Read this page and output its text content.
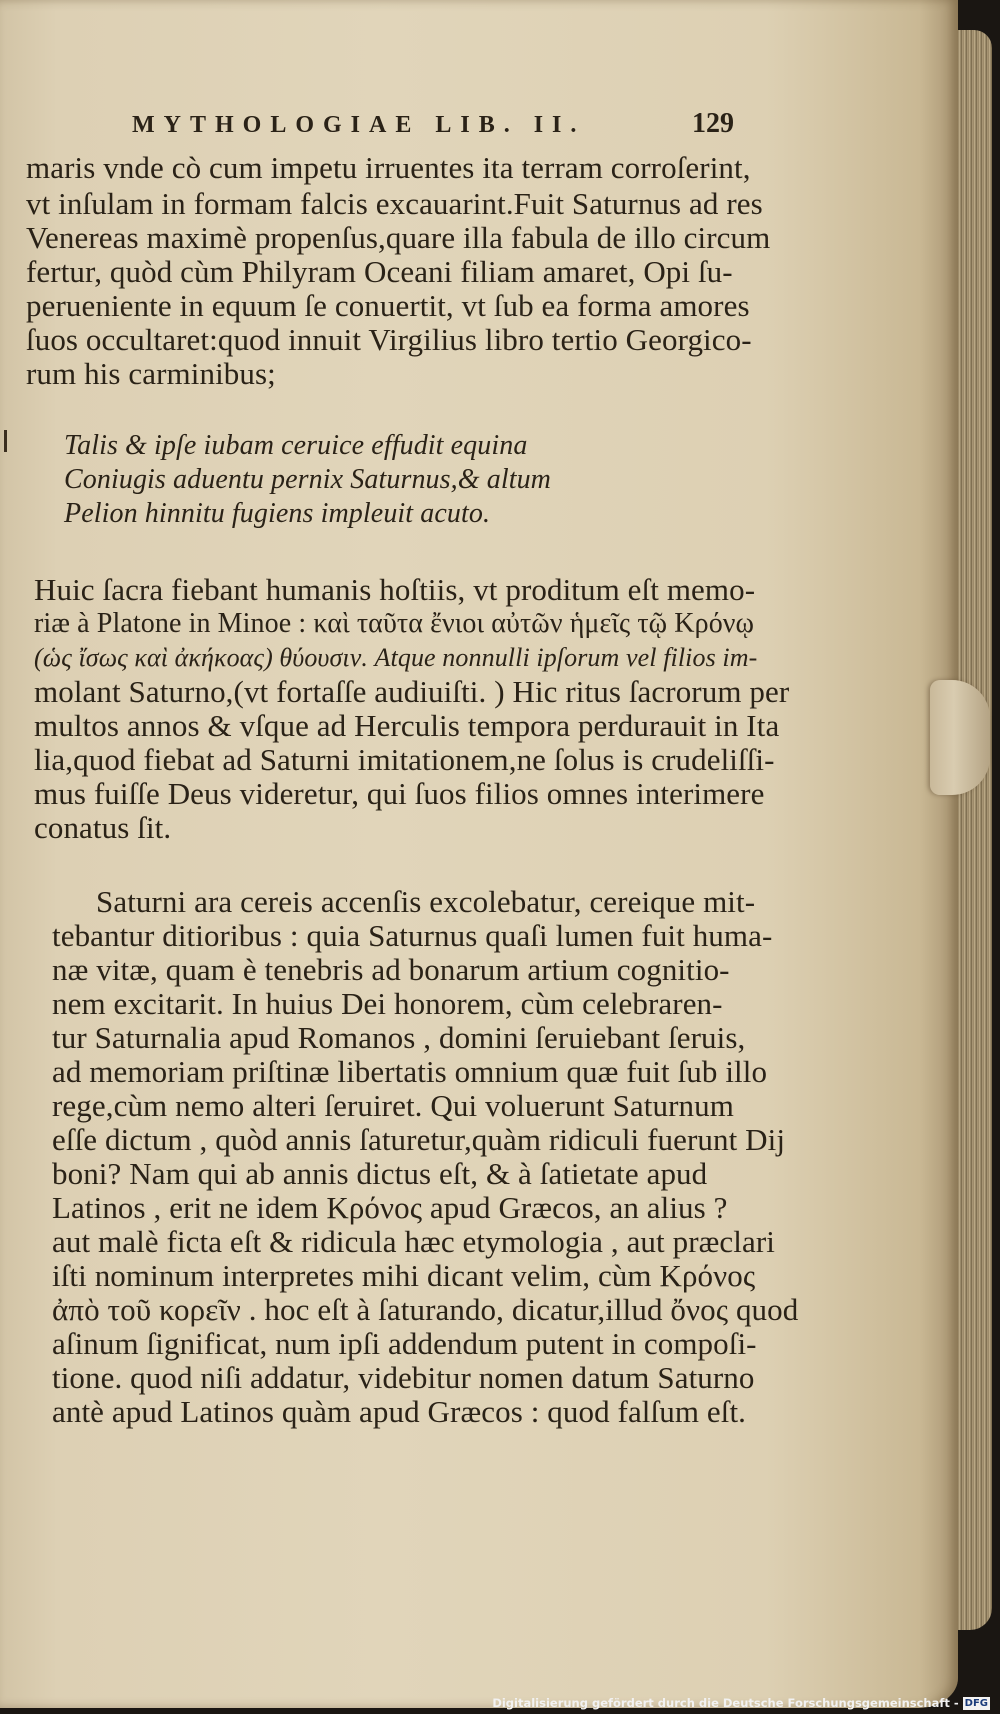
MYTHOLOGIAE LIB. II.	129
maris vnde cò cum impetu irruentes ita terram corroſerint,
vt inſulam in formam falcis excauarint.Fuit Saturnus ad res
Venereas maximè propenſus,quare illa fabula de illo circum
fertur, quòd cùm Philyram Oceani filiam amaret, Opi ſu-
perueniente in equum ſe conuertit, vt ſub ea forma amores
ſuos occultaret:quod innuit Virgilius libro tertio Georgico-
rum his carminibus;
Talis & ipſe iubam ceruice effudit equina
Coniugis aduentu pernix Saturnus,& altum
Pelion hinnitu fugiens impleuit acuto.
Huic ſacra fiebant humanis hoſtiis, vt proditum eſt memo-
riæ à Platone in Minoe : καὶ ταῦτα ἔνιοι αὐτῶν ἡμεῖς τῷ Κρόνῳ
(ὡς ἴσως καὶ ἀκήκοας) θύουσιν. Atque nonnulli ipſorum vel filios im-
molant Saturno,(vt fortaſſe audiuiſti. ) Hic ritus ſacrorum per
multos annos & vſque ad Herculis tempora perdurauit in Ita
lia,quod fiebat ad Saturni imitationem,ne ſolus is crudeliſſi-
mus fuiſſe Deus videretur, qui ſuos filios omnes interimere
conatus ſit.
Saturni ara cereis accenſis excolebatur, cereique mit-
tebantur ditioribus : quia Saturnus quaſi lumen fuit huma-
næ vitæ, quam è tenebris ad bonarum artium cognitio-
nem excitarit. In huius Dei honorem, cùm celebraren-
tur Saturnalia apud Romanos , domini ſeruiebant ſeruis,
ad memoriam priſtinæ libertatis omnium quæ fuit ſub illo
rege,cùm nemo alteri ſeruiret. Qui voluerunt Saturnum
eſſe dictum , quòd annis ſaturetur,quàm ridiculi fuerunt Dij
boni? Nam qui ab annis dictus eſt, & à ſatietate apud
Latinos , erit ne idem Κρόνος apud Græcos, an alius ?
aut malè ficta eſt & ridicula hæc etymologia , aut præclari
iſti nominum interpretes mihi dicant velim, cùm Κρόνος
ἀπὸ τοῦ κορεῖν . hoc eſt à ſaturando, dicatur,illud ὄνος quod
aſinum ſignificat, num ipſi addendum putent in compoſi-
tione. quod niſi addatur, videbitur nomen datum Saturno
antè apud Latinos quàm apud Græcos : quod falſum eſt.
Digitalisierung gefördert durch die Deutsche Forschungsgemeinschaft - DFG
